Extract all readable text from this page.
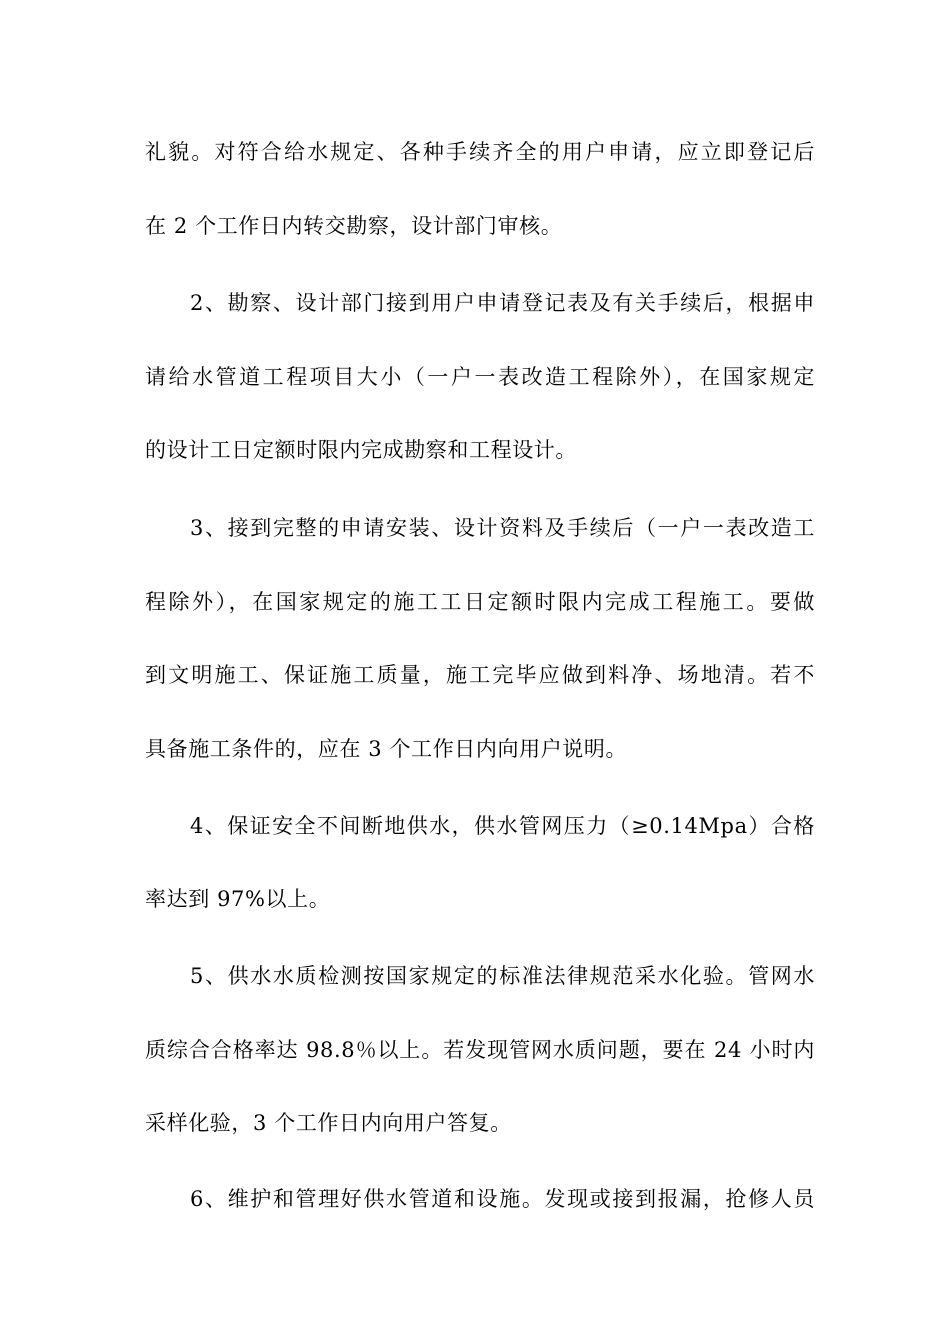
礼貌。对符合给水规定、各种手续齐全的用户申请，应立即登记后
在 2 个工作日内转交勘察，设计部门审核。
2、勘察、设计部门接到用户申请登记表及有关手续后，根据申
请给水管道工程项目大小（一户一表改造工程除外），在国家规定
的设计工日定额时限内完成勘察和工程设计。
3、接到完整的申请安装、设计资料及手续后（一户一表改造工
程除外），在国家规定的施工工日定额时限内完成工程施工。要做
到文明施工、保证施工质量，施工完毕应做到料净、场地清。若不
具备施工条件的，应在 3 个工作日内向用户说明。
4、保证安全不间断地供水，供水管网压力（≥0.14Mpa）合格
率达到 97%以上。
5、供水水质检测按国家规定的标准法律规范采水化验。管网水
质综合合格率达 98.8％以上。若发现管网水质问题，要在 24 小时内
采样化验，3 个工作日内向用户答复。
6、维护和管理好供水管道和设施。发现或接到报漏，抢修人员
